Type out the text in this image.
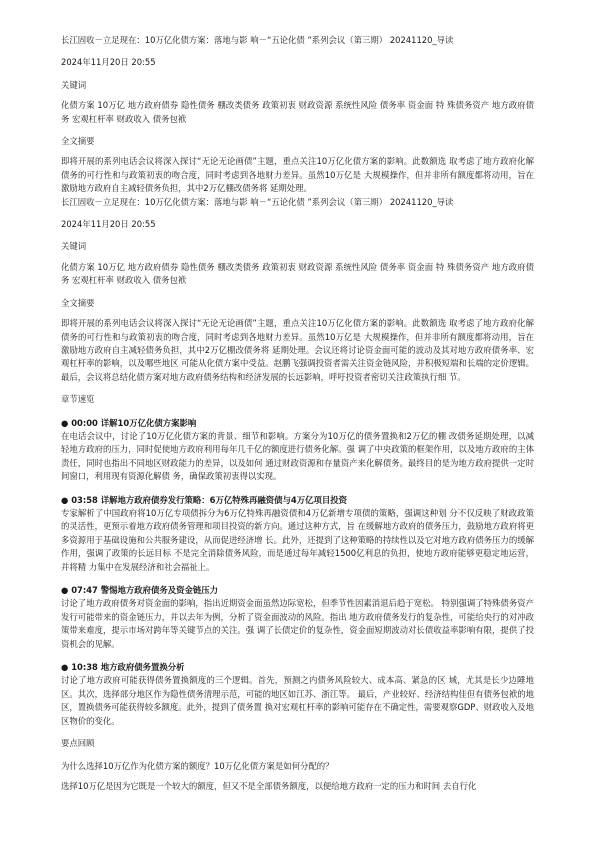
长江固收－立足现在：10万亿化债方案：落地与影 响－“五论化债 ”系列会议（第三期） 20241120_导读

2024年11月20日 20:55

关键词

化债方案 10万亿 地方政府债券 隐性债务 棚改类债务 政策初衷 财政资源 系统性风险 债务率 资金面 特 殊债务资产 地方政府债务 宏观杠杆率 财政收入 债务包袱

全文摘要

即将开展的系列电话会议将深入探讨“无论无论画债”主题，重点关注10万亿化债方案的影响。此数额选 取考虑了地方政府化解债务的可行性和与政策初衷的吻合度，同时考虑到各地财力差异。虽然10万亿是 大规模操作，但并非所有额度都将动用，旨在激励地方政府自主减轻债务负担，其中2万亿棚改债务将 延期处理。

长江固收－立足现在：10万亿化债方案：落地与影 响－“五论化债 ”系列会议（第三期） 20241120_导读

2024年11月20日 20:55

关键词

化债方案 10万亿 地方政府债券 隐性债务 棚改类债务 政策初衷 财政资源 系统性风险 债务率 资金面 特 殊债务资产 地方政府债务 宏观杠杆率 财政收入 债务包袱

全文摘要

即将开展的系列电话会议将深入探讨“无论无论画债”主题，重点关注10万亿化债方案的影响。此数额选 取考虑了地方政府化解债务的可行性和与政策初衷的吻合度，同时考虑到各地财力差异。虽然10万亿是 大规模操作，但并非所有额度都将动用，旨在激励地方政府自主减轻债务负担，其中2万亿棚改债务将 延期处理。会议还将讨论资金面可能的波动及其对地方政府债务率、宏观杠杆率的影响，以及哪些地区 可能从化债方案中受益。赵鹏飞强调投资者需关注资金链风险，并积极短端和长端的定价逻辑。最后，会议将总结化债方案对地方政府债务结构和经济发展的长远影响，呼吁投资者密切关注政策执行细 节。

章节速览

● 00:00 详解10万亿化债方案影响
在电话会议中，讨论了10万亿化债方案的背景、细节和影响。方案分为10万亿的债务置换和2万亿的棚 改债务延期处理，以减轻地方政府的压力，同时促使地方政府利用每年几千亿的额度进行债务化解。强 调了中央政策的框架作用，以及地方政府的主体责任，同时也指出不同地区财政能力的差异，以及如何 通过财政资源和存量资产来化解债务。最终目的是为地方政府提供一定时间窗口，利用现有资源化解债 务，确保政策初衷得以实现。
● 03:58 详解地方政府债券发行策略：6万亿特殊再融资债与4万亿项目投资
专家解析了中国政府将10万亿专项债拆分为6万亿特殊再融资债和4万亿新增专项债的策略，强调这种划 分不仅反映了财政政策的灵活性，更预示着地方政府债务管理和项目投资的新方向。通过这种方式，旨 在缓解地方政府的债务压力，鼓励地方政府将更多资源用于基础设施和公共服务建设，从而促进经济增 长。此外，还提到了这种策略的持续性以及它对地方政府债务压力的缓解作用，强调了政策的长远目标 不是完全消除债务风险，而是通过每年减轻1500亿利息的负担，使地方政府能够更稳定地运营，并将精 力集中在发展经济和社会福祉上。
● 07:47 警惕地方政府债务及资金链压力
讨论了地方政府债务对资金面的影响，指出近期资金面虽然边际宽松，但季节性因素消退后趋于宽松。 特别强调了特殊债务资产发行可能带来的资金链压力，并以去年为例，分析了资金面波动的风险。指出 地方政府债务发行的复杂性，可能给央行的对冲政策带来难度，提示市场对跨年等关键节点的关注。强 调了长债定价的复杂性，资金面短期波动对长债收益率影响有限，提供了投资机会的见解。
● 10:38 地方政府债务置换分析
讨论了地方政府可能获得债务置换额度的三个逻辑。首先，预测之内债务风险较大、成本高、紧急的区 域，尤其是长少边陲地区。其次，选择部分地区作为隐性债务清理示范，可能的地区如江苏、浙江等。 最后，产业较好、经济结构佳但有债务包袱的地区，置换债务可能获得较多额度。此外，提到了债务置 换对宏观杠杆率的影响可能存在不确定性，需要观察GDP、财政收入及地区物价的变化。

要点回顾

为什么选择10万亿作为化债方案的额度？10万亿化债方案是如何分配的？

选择10万亿是因为它既是一个较大的额度，但又不是全部债务额度，以便给地方政府一定的压力和时间 去自行化
